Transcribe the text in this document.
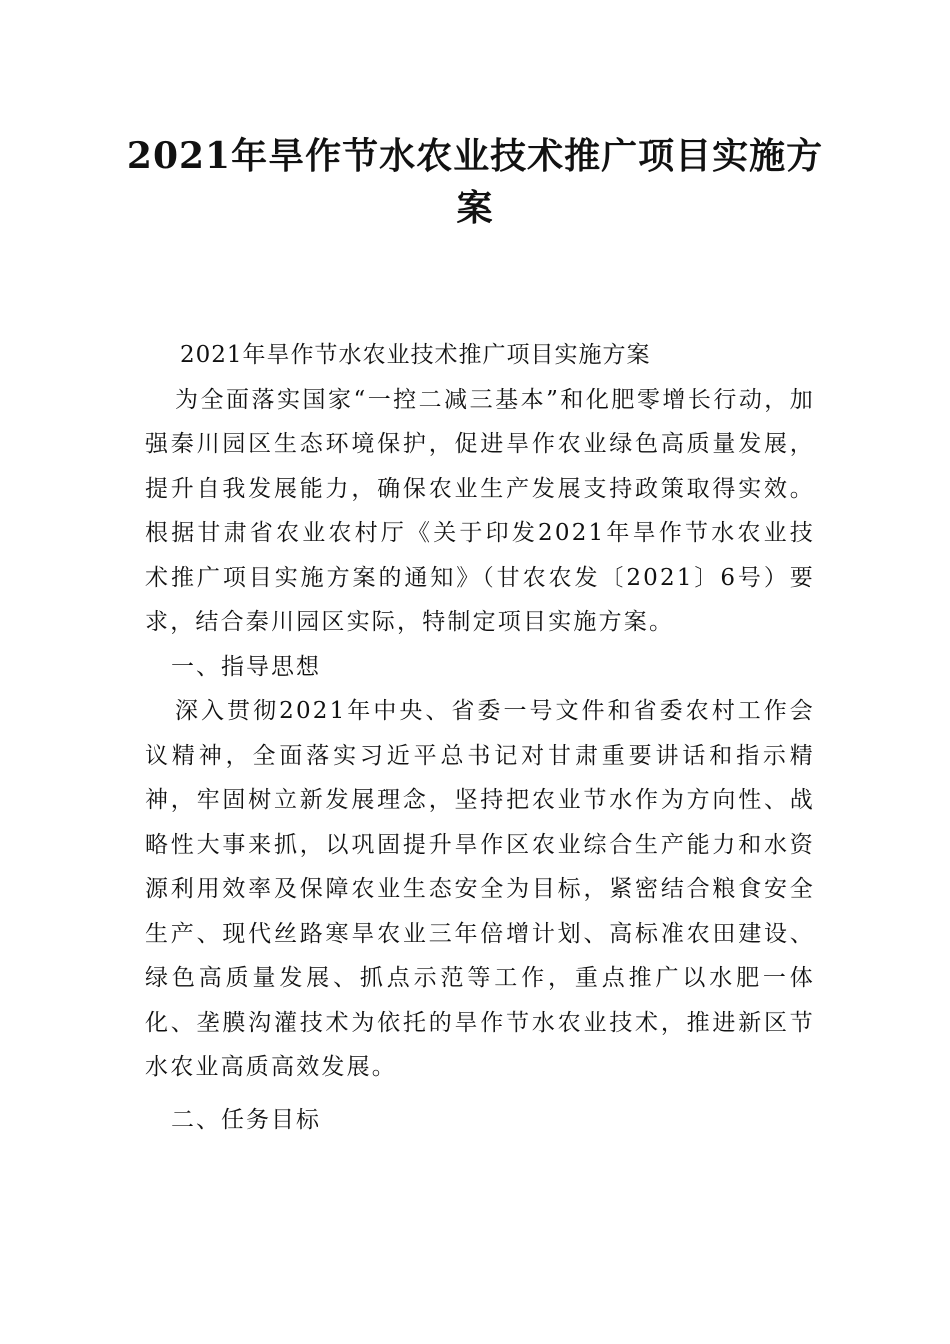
2021年旱作节水农业技术推广项目实施方案

2021年旱作节水农业技术推广项目实施方案

为全面落实国家“一控二减三基本”和化肥零增长行动，加强秦川园区生态环境保护，促进旱作农业绿色高质量发展，提升自我发展能力，确保农业生产发展支持政策取得实效。根据甘肃省农业农村厅《关于印发2021年旱作节水农业技术推广项目实施方案的通知》（甘农农发〔2021〕6号）要求，结合秦川园区实际，特制定项目实施方案。

一、指导思想

深入贯彻2021年中央、省委一号文件和省委农村工作会议精神，全面落实习近平总书记对甘肃重要讲话和指示精神，牢固树立新发展理念，坚持把农业节水作为方向性、战略性大事来抓，以巩固提升旱作区农业综合生产能力和水资源利用效率及保障农业生态安全为目标，紧密结合粮食安全生产、现代丝路寒旱农业三年倍增计划、高标准农田建设、绿色高质量发展、抓点示范等工作，重点推广以水肥一体化、垄膜沟灌技术为依托的旱作节水农业技术，推进新区节水农业高质高效发展。

二、任务目标
